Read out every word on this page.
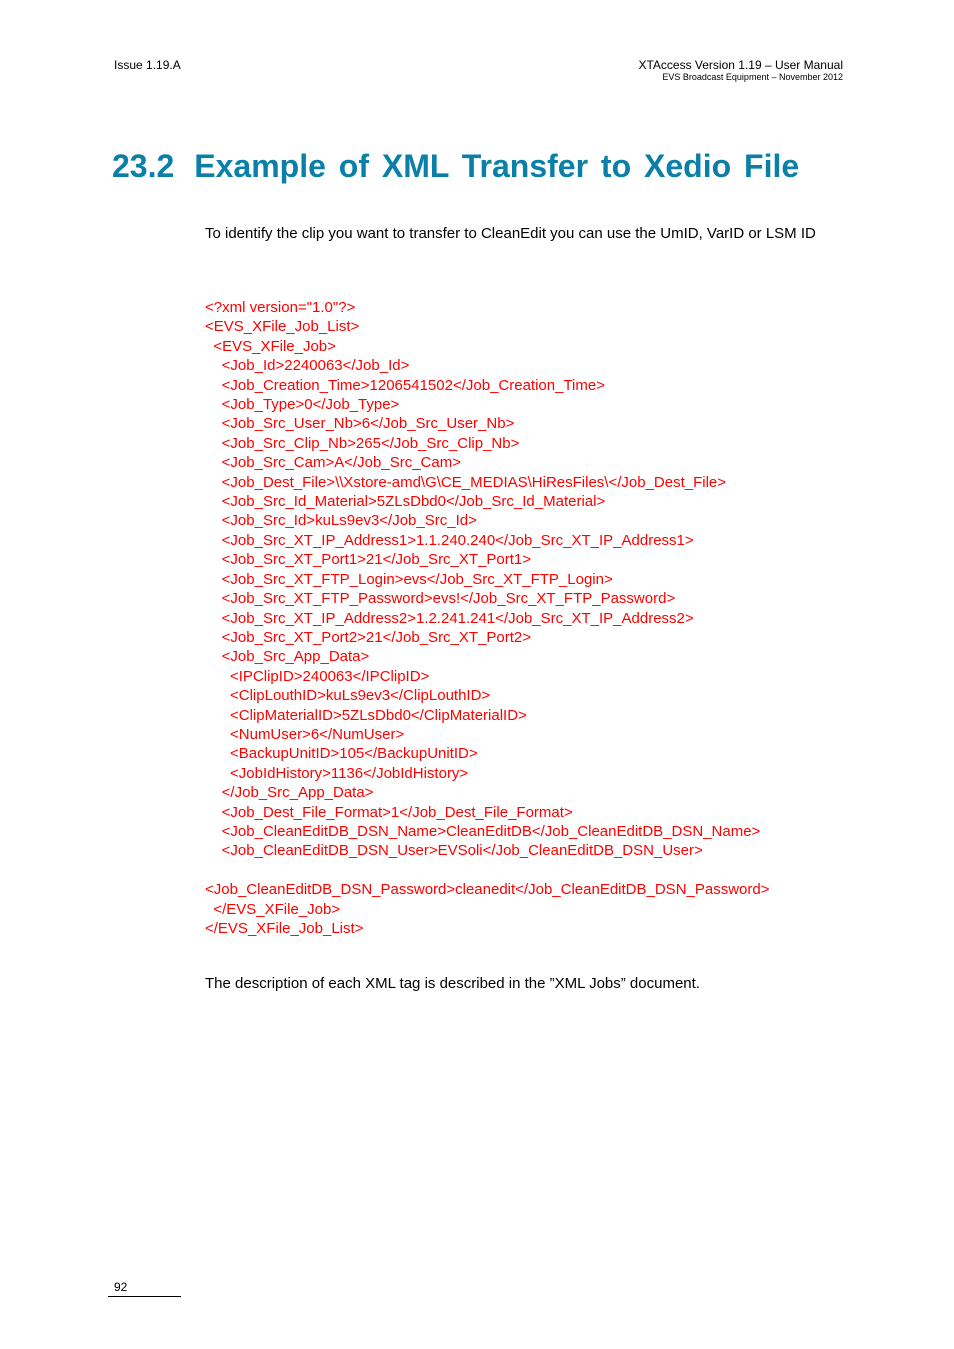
Issue 1.19.A	XTAccess Version 1.19 – User Manual
EVS Broadcast Equipment – November 2012
23.2 Example of XML Transfer to Xedio File

To identify the clip you want to transfer to CleanEdit you can use the UmID, VarID or LSM ID

<?xml version="1.0"?>
<EVS_XFile_Job_List>
<EVS_XFile_Job>
<Job_Id>2240063</Job_Id>
<Job_Creation_Time>1206541502</Job_Creation_Time>
<Job_Type>0</Job_Type>
<Job_Src_User_Nb>6</Job_Src_User_Nb>
<Job_Src_Clip_Nb>265</Job_Src_Clip_Nb>
<Job_Src_Cam>A</Job_Src_Cam>
<Job_Dest_File>\\Xstore-amd\G\CE_MEDIAS\HiResFiles\</Job_Dest_File>
<Job_Src_Id_Material>5ZLsDbd0</Job_Src_Id_Material>
<Job_Src_Id>kuLs9ev3</Job_Src_Id>
<Job_Src_XT_IP_Address1>1.1.240.240</Job_Src_XT_IP_Address1>
<Job_Src_XT_Port1>21</Job_Src_XT_Port1>
<Job_Src_XT_FTP_Login>evs</Job_Src_XT_FTP_Login>
<Job_Src_XT_FTP_Password>evs!</Job_Src_XT_FTP_Password>
<Job_Src_XT_IP_Address2>1.2.241.241</Job_Src_XT_IP_Address2>
<Job_Src_XT_Port2>21</Job_Src_XT_Port2>
<Job_Src_App_Data>
<IPClipID>240063</IPClipID>
<ClipLouthID>kuLs9ev3</ClipLouthID>
<ClipMaterialID>5ZLsDbd0</ClipMaterialID>
<NumUser>6</NumUser>
<BackupUnitID>105</BackupUnitID>
<JobIdHistory>1136</JobIdHistory>
</Job_Src_App_Data>
<Job_Dest_File_Format>1</Job_Dest_File_Format>
<Job_CleanEditDB_DSN_Name>CleanEditDB</Job_CleanEditDB_DSN_Name>
<Job_CleanEditDB_DSN_User>EVSoli</Job_CleanEditDB_DSN_User>

<Job_CleanEditDB_DSN_Password>cleanedit</Job_CleanEditDB_DSN_Password>
</EVS_XFile_Job>
</EVS_XFile_Job_List>

The description of each XML tag is described in the ”XML Jobs” document.

92
